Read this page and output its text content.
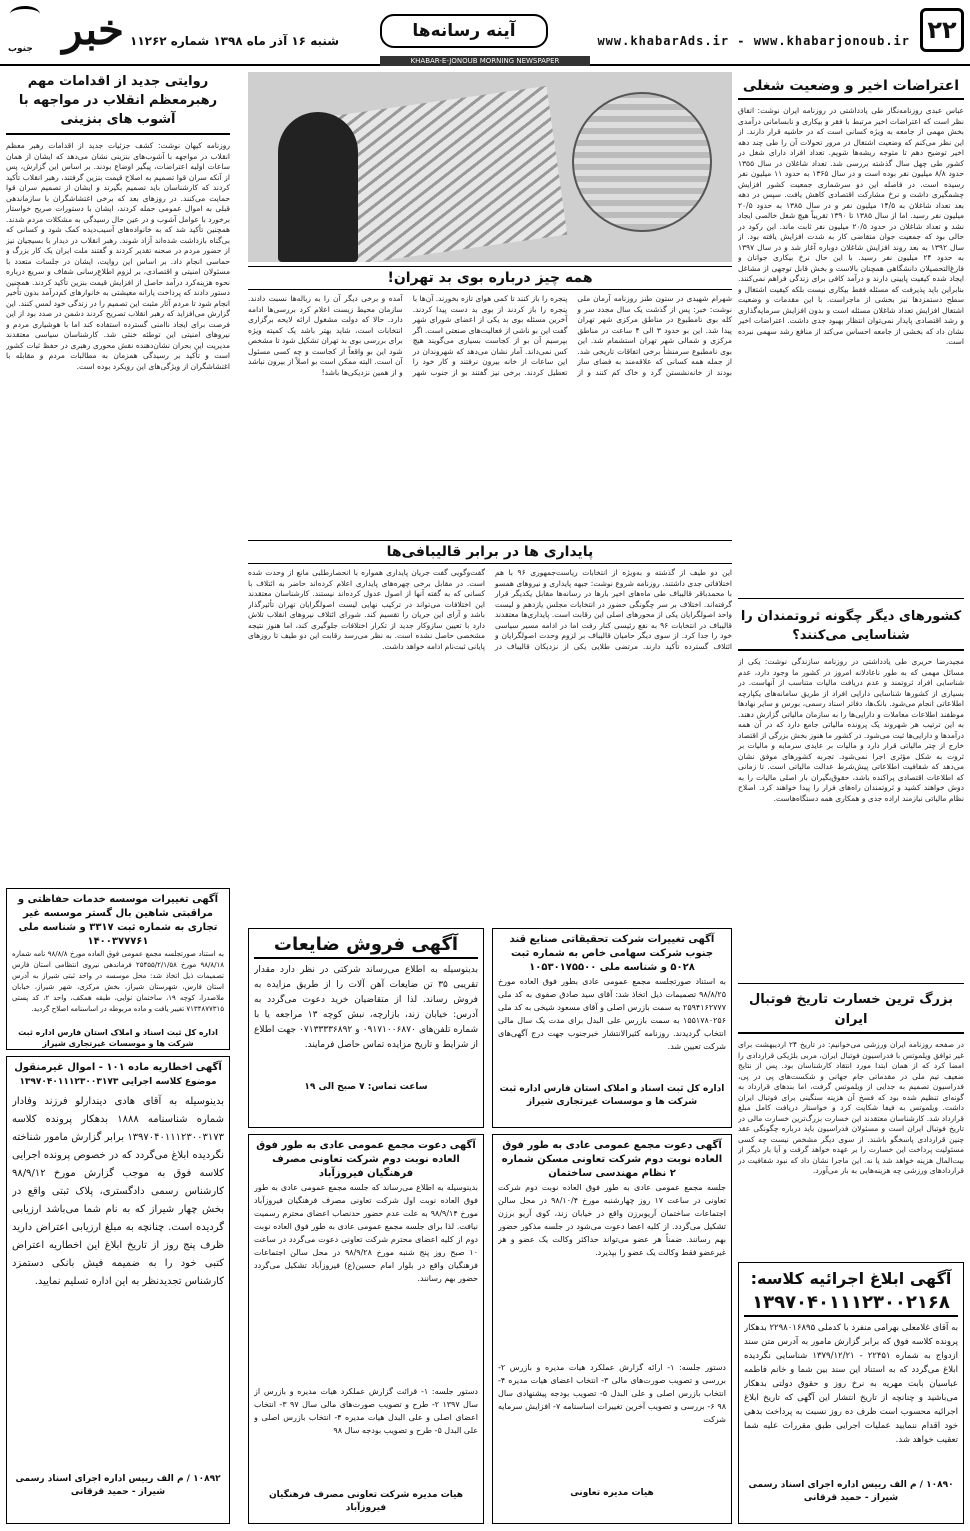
۲۲
www.khabarAds.ir - www.khabarjonoub.ir
آینه رسانه‌ها
شنبه ۱۶ آذر ماه ۱۳۹۸ شماره ۱۱۲۶۲
خبر
جنوب
KHABAR-E-JONOUB MORNING NEWSPAPER
اعتراضات اخیر و وضعیت شغلی
عباس عبدی روزنامه‌نگار طی یادداشتی در روزنامه ایران نوشت: اتفاق نظر است که اعتراضات اخیر مرتبط با فقر و بیکاری و نابسامانی درآمدی بخش مهمی از جامعه به ویژه کسانی است که در حاشیه قرار دارند. از این نظر می‌کنم که وضعیت اشتغال در مرور تحولات آن را طی چند دهه اخیر توضیح دهم تا متوجه ریشه‌ها شویم. تعداد افراد دارای شغل در کشور طی چهل سال گذشته بررسی شد. تعداد شاغلان در سال ۱۳۵۵ حدود ۸/۸ میلیون نفر بوده است و در سال ۱۳۶۵ به حدود ۱۱ میلیون نفر رسیده است. در فاصله این دو سرشماری جمعیت کشور افزایش چشمگیری داشت و نرخ مشارکت اقتصادی کاهش یافت. سپس در دهه بعد تعداد شاغلان به ۱۴/۵ میلیون نفر و در سال ۱۳۸۵ به حدود ۲۰/۵ میلیون نفر رسید. اما از سال ۱۳۸۵ تا ۱۳۹۰ تقریباً هیچ شغل خالصی ایجاد نشد و تعداد شاغلان در حدود ۲۰/۵ میلیون نفر ثابت ماند. این رکود در حالی بود که جمعیت جوان متقاضی کار به شدت افزایش یافته بود. از سال ۱۳۹۲ به بعد روند افزایش شاغلان دوباره آغاز شد و در سال ۱۳۹۷ به حدود ۲۴ میلیون نفر رسید. با این حال نرخ بیکاری جوانان و فارغ‌التحصیلان دانشگاهی همچنان بالاست و بخش قابل توجهی از مشاغل ایجاد شده کیفیت پایینی دارند و درآمد کافی برای زندگی فراهم نمی‌کنند. بنابراین باید پذیرفت که مسئله فقط بیکاری نیست بلکه کیفیت اشتغال و سطح دستمزدها نیز بخشی از ماجراست. با این مقدمات و وضعیت اشتغال افزایش تعداد شاغلان مسئله است و بدون افزایش سرمایه‌گذاری و رشد اقتصادی پایدار نمی‌توان انتظار بهبود جدی داشت. اعتراضات اخیر نشان داد که بخشی از جامعه احساس می‌کند از منافع رشد سهمی نبرده است.
کشورهای دیگر چگونه ثروتمندان را شناسایی می‌کنند؟
مجید‌رضا حریری طی یادداشتی در روزنامه سازندگی نوشت: یکی از مسائل مهمی که به طور ناعادلانه امروز در کشور ما وجود دارد، عدم شناسایی افراد ثروتمند و عدم دریافت مالیات متناسب از آنهاست. در بسیاری از کشورها شناسایی دارایی افراد از طریق سامانه‌های یکپارچه اطلاعاتی انجام می‌شود. بانک‌ها، دفاتر اسناد رسمی، بورس و سایر نهادها موظفند اطلاعات معاملات و دارایی‌ها را به سازمان مالیاتی گزارش دهند. به این ترتیب هر شهروند یک پرونده مالیاتی جامع دارد که در آن همه درآمدها و دارایی‌ها ثبت می‌شود. در کشور ما هنوز بخش بزرگی از اقتصاد خارج از چتر مالیاتی قرار دارد و مالیات بر عایدی سرمایه و مالیات بر ثروت به شکل مؤثری اجرا نمی‌شود. تجربه کشورهای موفق نشان می‌دهد که شفافیت اطلاعاتی پیش‌شرط عدالت مالیاتی است. تا زمانی که اطلاعات اقتصادی پراکنده باشد، حقوق‌بگیران بار اصلی مالیات را به دوش خواهند کشید و ثروتمندان راه‌های فرار را پیدا خواهند کرد. اصلاح نظام مالیاتی نیازمند اراده جدی و همکاری همه دستگاه‌هاست.
بزرگ ترین خسارت تاریخ فوتبال ایران
در صفحه روزنامه ایران ورزشی می‌خوانیم: در تاریخ ۲۴ اردیبهشت برای غیر توافق ویلموتس با فدراسیون فوتبال ایران، مربی بلژیکی قراردادی را امضا کرد که از همان ابتدا مورد انتقاد کارشناسان بود. پس از نتایج ضعیف تیم ملی در مقدماتی جام جهانی و شکست‌های پی در پی، فدراسیون تصمیم به جدایی از ویلموتس گرفت، اما بندهای قرارداد به گونه‌ای تنظیم شده بود که فسخ آن هزینه سنگینی برای فوتبال ایران داشت. ویلموتس به فیفا شکایت کرد و خواستار دریافت کامل مبلغ قرارداد شد. کارشناسان معتقدند این خسارت بزرگ‌ترین خسارت مالی در تاریخ فوتبال ایران است و مسئولان فدراسیون باید درباره چگونگی عقد چنین قراردادی پاسخگو باشند. از سوی دیگر مشخص نیست چه کسی مسئولیت پرداخت این خسارت را بر عهده خواهد گرفت و آیا بار دیگر از بیت‌المال هزینه خواهد شد یا نه. این ماجرا نشان داد که نبود شفافیت در قراردادهای ورزشی چه هزینه‌هایی به بار می‌آورد.
همه چیز درباره بوی بد تهران!
شهرام شهیدی در ستون طنز روزنامه آرمان ملی نوشت: خبر: پس از گذشت یک سال مجدد سر و کله بوی نامطبوع در مناطق مرکزی شهر تهران پیدا شد. این بو حدود ۳ الی ۴ ساعت در مناطق مرکزی و شمالی شهر تهران استشمام شد. این بوی نامطبوع سرمنشأ برخی اتفاقات تاریخی شد. از جمله همه کسانی که علاقه‌مند به فضای ساز بودند از خانه‌نشستن گرد و خاک کم کنند و از پنجره را باز کنند تا کمی هوای تازه بخورند. آن‌ها با پنجره را باز کردند از بوی بد دست پیدا کردند. آخرین مسئله بوی بد یکی از اعضای شورای شهر گفت این بو ناشی از فعالیت‌های صنعتی است. اگر بپرسیم آن بو از کجاست بسیاری می‌گویند هیچ کس نمی‌داند. آمار نشان می‌دهد که شهروندان در این ساعات از خانه بیرون نرفتند و کار خود را تعطیل کردند. برخی نیز گفتند بو از جنوب شهر آمده و برخی دیگر آن را به زباله‌ها نسبت دادند. سازمان محیط زیست اعلام کرد بررسی‌ها ادامه دارد. حالا که دولت مشغول ارائه لایحه برگزاری انتخابات است، شاید بهتر باشد یک کمیته ویژه برای بررسی بوی بد تهران تشکیل شود تا مشخص شود این بو واقعاً از کجاست و چه کسی مسئول آن است. البته ممکن است بو اصلاً از بیرون نباشد و از همین نزدیکی‌ها باشد!
روایتی جدید از اقدامات مهم رهبرمعظم انقلاب در مواجهه با آشوب های بنزینی
روزنامه کیهان نوشت: کشف جزئیات جدید از اقدامات رهبر معظم انقلاب در مواجهه با آشوب‌های بنزینی نشان می‌دهد که ایشان از همان ساعات اولیه اعتراضات، پیگیر اوضاع بودند. بر اساس این گزارش، پس از آنکه سران قوا تصمیم به اصلاح قیمت بنزین گرفتند، رهبر انقلاب تأکید کردند که کارشناسان باید تصمیم بگیرند و ایشان از تصمیم سران قوا حمایت می‌کنند. در روزهای بعد که برخی اغتشاشگران با سازماندهی قبلی به اموال عمومی حمله کردند، ایشان با دستورات صریح خواستار برخورد با عوامل آشوب و در عین حال رسیدگی به مشکلات مردم شدند. همچنین تأکید شد که به خانواده‌های آسیب‌دیده کمک شود و کسانی که بی‌گناه بازداشت شده‌اند آزاد شوند. رهبر انقلاب در دیدار با بسیجیان نیز از حضور مردم در صحنه تقدیر کردند و گفتند ملت ایران یک کار بزرگ و حماسی انجام داد. بر اساس این روایت، ایشان در جلسات متعدد با مسئولان امنیتی و اقتصادی، بر لزوم اطلاع‌رسانی شفاف و سریع درباره نحوه هزینه‌کرد درآمد حاصل از افزایش قیمت بنزین تأکید کردند. همچنین دستور دادند که پرداخت یارانه معیشتی به خانوارهای کم‌درآمد بدون تأخیر انجام شود تا مردم آثار مثبت این تصمیم را در زندگی خود لمس کنند. این گزارش می‌افزاید که رهبر انقلاب تصریح کردند دشمن در صدد بود از این فرصت برای ایجاد ناامنی گسترده استفاده کند اما با هوشیاری مردم و نیروهای امنیتی این توطئه خنثی شد. کارشناسان سیاسی معتقدند مدیریت این بحران نشان‌دهنده نقش محوری رهبری در حفظ ثبات کشور است و تأکید بر رسیدگی همزمان به مطالبات مردم و مقابله با اغتشاشگران از ویژگی‌های این رویکرد بوده است.
پایداری ها در برابر قالیبافی‌ها
این دو طیف از گذشته و به‌ویژه از انتخابات ریاست‌جمهوری ۹۶ با هم اختلافاتی جدی داشتند. روزنامه شروع نوشت: جبهه پایداری و نیروهای همسو با محمدباقر قالیباف طی ماه‌های اخیر بارها در رسانه‌ها مقابل یکدیگر قرار گرفته‌اند. اختلاف بر سر چگونگی حضور در انتخابات مجلس یازدهم و لیست واحد اصولگرایان یکی از محورهای اصلی این رقابت است. پایداری‌ها معتقدند قالیباف در انتخابات ۹۶ به نفع رئیسی کنار رفت اما در ادامه مسیر سیاسی خود را جدا کرد. از سوی دیگر حامیان قالیباف بر لزوم وحدت اصولگرایان و ائتلاف گسترده تأکید دارند. مرتضی طلایی یکی از نزدیکان قالیباف در گفت‌وگویی گفت جریان پایداری همواره با انحصارطلبی مانع از وحدت شده است. در مقابل برخی چهره‌های پایداری اعلام کرده‌اند حاضر به ائتلاف با کسانی که به گفته آنها از اصول عدول کرده‌اند نیستند. کارشناسان معتقدند این اختلافات می‌تواند در ترکیب نهایی لیست اصولگرایان تهران تأثیرگذار باشد و آرای این جریان را تقسیم کند. شورای ائتلاف نیروهای انقلاب تلاش دارد با تعیین سازوکار جدید از تکرار اختلافات جلوگیری کند، اما هنوز نتیجه مشخصی حاصل نشده است. به نظر می‌رسد رقابت این دو طیف تا روزهای پایانی ثبت‌نام ادامه خواهد داشت.
آگهی تغییرات شرکت تحقیقاتی صنایع قند جنوب شرکت سهامی خاص به شماره ثبت ۵۰۲۸ و شناسه ملی ۱۰۵۳۰۱۷۵۵۰۰
به استناد صورتجلسه مجمع عمومی عادی بطور فوق العاده مورخ ۹۸/۸/۲۵ تصمیمات ذیل اتخاذ شد: آقای سید صادق صفوی به کد ملی ۲۵۹۴۱۶۲۷۷۷ به سمت بازرس اصلی و آقای مسعود شیخی به کد ملی ۱۵۵۱۷۸۰۲۵۶ به سمت بازرس علی البدل برای مدت یک سال مالی انتخاب گردیدند. روزنامه کثیرالانتشار خبرجنوب جهت درج آگهی‌های شرکت تعیین شد.
اداره کل ثبت اسناد و املاک استان فارس اداره ثبت شرکت ها و موسسات غیرتجاری شیراز
آگهی فروش ضایعات
بدینوسیله به اطلاع می‌رساند شرکتی در نظر دارد مقدار تقریبی ۳۵ تن ضایعات آهن آلات را از طریق مزایده به فروش رساند. لذا از متقاضیان خرید دعوت می‌گردد به آدرس: خیابان زند، بازارچه، نبش کوچه ۱۳ مراجعه یا با شماره تلفن‌های ۰۹۱۷۱۰۰۶۸۷۰ و ۰۷۱۳۳۳۳۶۸۹۲ جهت اطلاع از شرایط و تاریخ مزایده تماس حاصل فرمایند.
ساعت تماس: ۷ صبح الی ۱۹
آگهی تغییرات موسسه خدمات حفاظتی و مراقبتی شاهین بال گستر موسسه غیر تجاری به شماره ثبت ۳۳۱۷ و شناسه ملی ۱۴۰۰۳۷۷۷۶۱
به استناد صورتجلسه مجمع عمومی فوق العاده مورخ ۹۸/۸/۸ نامه شماره ۹۸/۸/۱۸ مورخ ۲۵۴۵۵/۲/۱/۵۸ فرماندهی نیروی انتظامی استان فارس تصمیمات ذیل اتخاذ شد: محل موسسه در واحد ثبتی شیراز به آدرس استان فارس، شهرستان شیراز، بخش مرکزی، شهر شیراز، خیابان ملاصدرا، کوچه ۱۹، ساختمان نوایی، طبقه همکف، واحد ۲، کد پستی ۷۱۳۴۸۷۷۳۱۵ تغییر یافت و ماده مربوطه در اساسنامه اصلاح گردید.
اداره کل ثبت اسناد و املاک استان فارس اداره ثبت شرکت ها و موسسات غیرتجاری شیراز
آگهی اخطاریه ماده ۱۰۱ - اموال غیرمنقول
موضوع کلاسه اجرایی ۱۳۹۷۰۴۰۱۱۱۲۳۰۰۳۱۷۳
بدینوسیله به آقای هادی دیندارلو فرزند وفادار شماره شناسنامه ۱۸۸۸ بدهکار پرونده کلاسه ۱۳۹۷۰۴۰۱۱۱۲۳۰۰۳۱۷۳ برابر گزارش مامور شناخته نگردیده ابلاغ می‌گردد که در خصوص پرونده اجرایی کلاسه فوق به موجب گزارش مورخ ۹۸/۹/۱۲ کارشناس رسمی دادگستری، پلاک ثبتی واقع در بخش چهار شیراز که به نام شما می‌باشد ارزیابی گردیده است. چنانچه به مبلغ ارزیابی اعتراض دارید ظرف پنج روز از تاریخ ابلاغ این اخطاریه اعتراض کتبی خود را به ضمیمه فیش بانکی دستمزد کارشناس تجدیدنظر به این اداره تسلیم نمایید.
۱۰۸۹۲ / م الف رییس اداره اجرای اسناد رسمی شیراز - حمید قرقانی
آگهی دعوت مجمع عمومی عادی به طور فوق العاده نوبت دوم شرکت تعاونی مصرف فرهنگیان فیروزآباد
بدینوسیله به اطلاع می‌رساند که جلسه مجمع عمومی عادی به طور فوق العاده نوبت اول شرکت تعاونی مصرف فرهنگیان فیروزآباد مورخ ۹۸/۹/۱۴ به علت عدم حضور حدنصاب اعضای محترم رسمیت نیافت. لذا برای جلسه مجمع عمومی عادی به طور فوق العاده نوبت دوم از کلیه اعضای محترم شرکت تعاونی دعوت می‌گردد در ساعت ۱۰ صبح روز پنج شنبه مورخ ۹۸/۹/۲۸ در محل سالن اجتماعات فرهنگیان واقع در بلوار امام حسین(ع) فیروزآباد تشکیل می‌گردد حضور بهم رسانند.
دستور جلسه: ۱- قرائت گزارش عملکرد هیات مدیره و بازرس از سال ۱۳۹۷ ۲- طرح و تصویب صورت‌های مالی سال ۹۷ ۳- انتخاب اعضای اصلی و علی البدل هیات مدیره ۴- انتخاب بازرس اصلی و علی البدل ۵- طرح و تصویب بودجه سال ۹۸
هیات مدیره شرکت تعاونی مصرف فرهنگیان فیروزآباد
آگهی دعوت مجمع عمومی عادی به طور فوق العاده نوبت دوم شرکت تعاونی مسکن شماره ۲ نظام مهندسی ساختمان
جلسه مجمع عمومی عادی به طور فوق العاده نوبت دوم شرکت تعاونی در ساعت ۱۷ روز چهارشنبه مورخ ۹۸/۱۰/۴ در محل سالن اجتماعات ساختمان آریوبرزن واقع در خیابان زند، کوی آریو برزن تشکیل می‌گردد. از کلیه اعضا دعوت می‌شود در جلسه مذکور حضور بهم رسانند. ضمناً هر عضو می‌تواند حداکثر وکالت یک عضو و هر غیرعضو فقط وکالت یک عضو را بپذیرد.
دستور جلسه: ۱- ارائه گزارش عملکرد هیات مدیره و بازرس ۲- بررسی و تصویب صورت‌های مالی ۳- انتخاب اعضای هیات مدیره ۴- انتخاب بازرس اصلی و علی البدل ۵- تصویب بودجه پیشنهادی سال ۹۸ ۶- بررسی و تصویب آخرین تغییرات اساسنامه ۷- افزایش سرمایه شرکت
هیات مدیره تعاونی
آگهی ابلاغ اجرائیه کلاسه:
۱۳۹۷۰۴۰۱۱۱۲۳۰۰۲۱۶۸
به آقای غلامعلی بهرامی منفرد با کدملی ۲۲۹۸۰۱۶۸۹۵ بدهکار پرونده کلاسه فوق که برابر گزارش مامور به آدرس متن سند ازدواج به شماره ۲۲۴۵۱ - ۱۳۷۹/۱۲/۲۱ شناسایی نگردیده ابلاغ می‌گردد که به استناد این سند بین شما و خانم فاطمه عباسیان بابت مهریه به نرخ روز و حقوق دولتی بدهکار می‌باشید و چنانچه از تاریخ انتشار این آگهی که تاریخ ابلاغ اجرائیه محسوب است ظرف ده روز نسبت به پرداخت بدهی خود اقدام ننمایید عملیات اجرایی طبق مقررات علیه شما تعقیب خواهد شد.
۱۰۸۹۰ / م الف رییس اداره اجرای اسناد رسمی شیراز - حمید قرقانی
